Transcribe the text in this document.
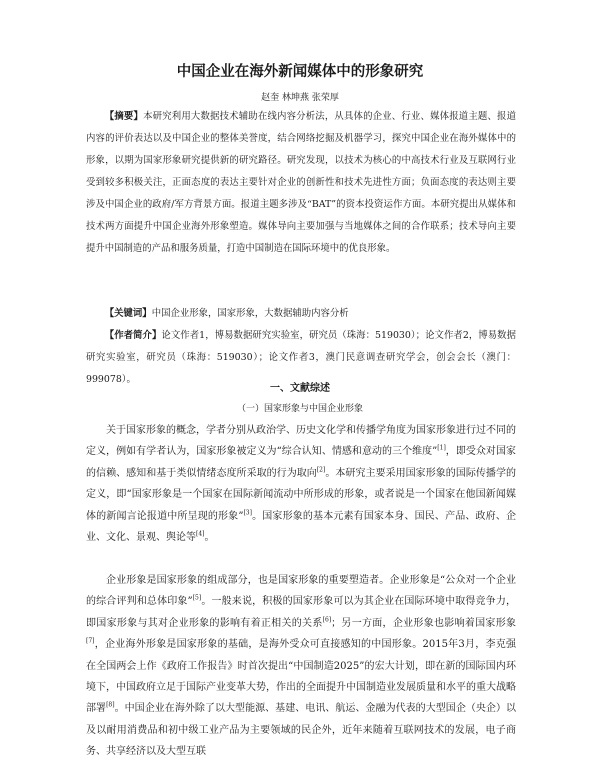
中国企业在海外新闻媒体中的形象研究
赵奎 林坤燕 张荣厚
【摘要】本研究利用大数据技术辅助在线内容分析法，从具体的企业、行业、媒体报道主题、报道内容的评价表达以及中国企业的整体美誉度，结合网络挖掘及机器学习，探究中国企业在海外媒体中的形象，以期为国家形象研究提供新的研究路径。研究发现，以技术为核心的中高技术行业及互联网行业受到较多积极关注，正面态度的表达主要针对企业的创新性和技术先进性方面；负面态度的表达则主要涉及中国企业的政府/军方背景方面。报道主题多涉及“BAT”的资本投资运作方面。本研究提出从媒体和技术两方面提升中国企业海外形象塑造。媒体导向主要加强与当地媒体之间的合作联系；技术导向主要提升中国制造的产品和服务质量，打造中国制造在国际环境中的优良形象。
【关键词】中国企业形象，国家形象，大数据辅助内容分析
【作者简介】论文作者1，博易数据研究实验室，研究员（珠海：519030）；论文作者2，博易数据研究实验室，研究员（珠海：519030）；论文作者3，澳门民意调查研究学会，创会会长（澳门：999078）。
一、文献综述
（一）国家形象与中国企业形象
关于国家形象的概念，学者分别从政治学、历史文化学和传播学角度为国家形象进行过不同的定义，例如有学者认为，国家形象被定义为“综合认知、情感和意动的三个维度”[1]，即受众对国家的信赖、感知和基于类似情绪态度所采取的行为取向[2]。本研究主要采用国家形象的国际传播学的定义，即“国家形象是一个国家在国际新闻流动中所形成的形象，或者说是一个国家在他国新闻媒体的新闻言论报道中所呈现的形象”[3]。国家形象的基本元素有国家本身、国民、产品、政府、企业、文化、景观、舆论等[4]。
企业形象是国家形象的组成部分，也是国家形象的重要塑造者。企业形象是“公众对一个企业的综合评判和总体印象”[5]。一般来说，积极的国家形象可以为其企业在国际环境中取得竞争力，即国家形象与其对企业形象的影响有着正相关的关系[6]；另一方面，企业形象也影响着国家形象[7]，企业海外形象是国家形象的基础，是海外受众可直接感知的中国形象。2015年3月，李克强在全国两会上作《政府工作报告》时首次提出“中国制造2025”的宏大计划，即在新的国际国内环境下，中国政府立足于国际产业变革大势，作出的全面提升中国制造业发展质量和水平的重大战略部署[8]。中国企业在海外除了以大型能源、基建、电讯、航运、金融为代表的大型国企（央企）以及以耐用消费品和初中级工业产品为主要领域的民企外，近年来随着互联网技术的发展，电子商务、共享经济以及大型互联
